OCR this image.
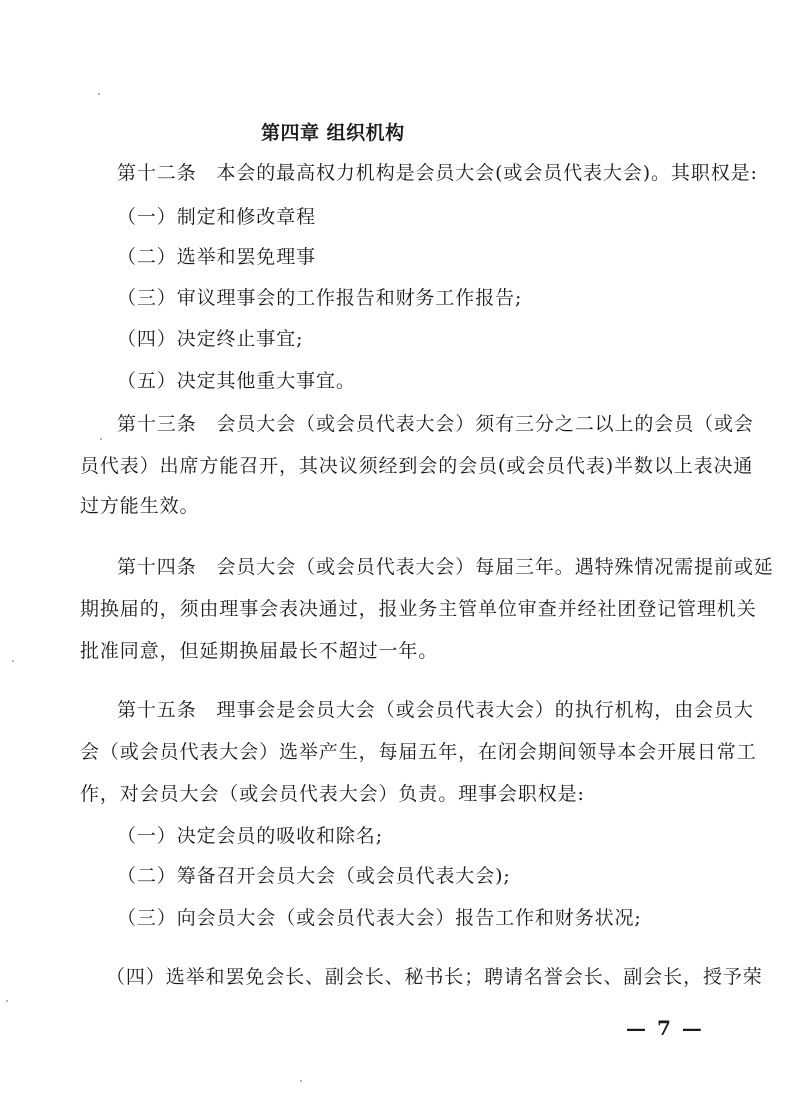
第四章 组织机构
第十二条　本会的最高权力机构是会员大会(或会员代表大会)。其职权是:
（一）制定和修改章程
（二）选举和罢免理事
（三）审议理事会的工作报告和财务工作报告;
（四）决定终止事宜;
（五）决定其他重大事宜。
第十三条　会员大会（或会员代表大会）须有三分之二以上的会员（或会
员代表）出席方能召开，其决议须经到会的会员(或会员代表)半数以上表决通
过方能生效。
第十四条　会员大会（或会员代表大会）每届三年。遇特殊情况需提前或延
期换届的，须由理事会表决通过，报业务主管单位审查并经社团登记管理机关
批准同意，但延期换届最长不超过一年。
第十五条　理事会是会员大会（或会员代表大会）的执行机构，由会员大
会（或会员代表大会）选举产生，每届五年，在闭会期间领导本会开展日常工
作，对会员大会（或会员代表大会）负责。理事会职权是:
（一）决定会员的吸收和除名;
（二）筹备召开会员大会（或会员代表大会);
（三）向会员大会（或会员代表大会）报告工作和财务状况;
（四）选举和罢免会长、副会长、秘书长；聘请名誉会长、副会长，授予荣
— 7 —
